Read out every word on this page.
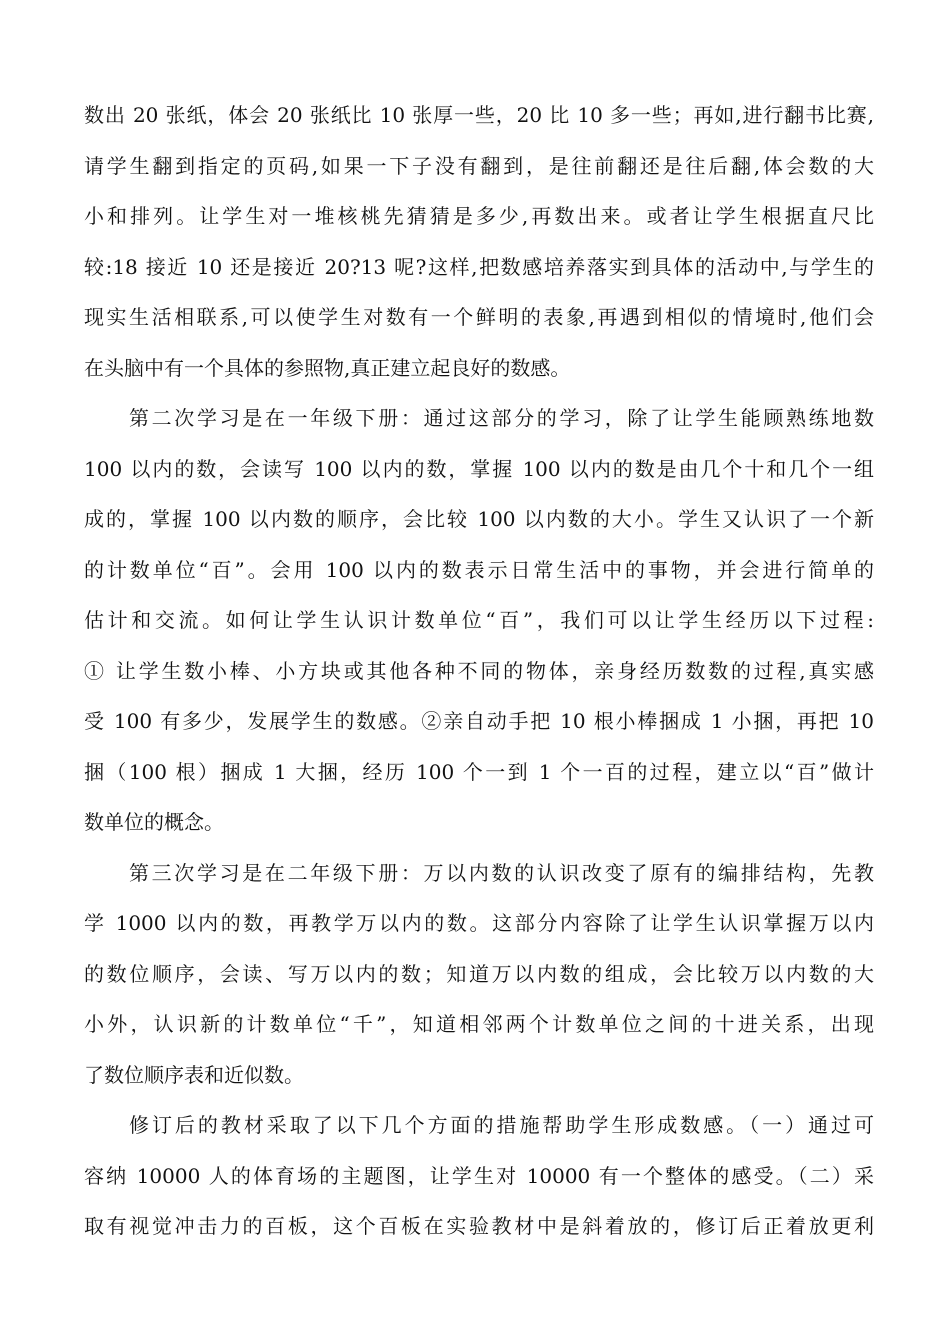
数出 20 张纸，体会 20 张纸比 10 张厚一些，20 比 10 多一些；再如,进行翻书比赛,
请学生翻到指定的页码,如果一下子没有翻到，是往前翻还是往后翻,体会数的大
小和排列。让学生对一堆核桃先猜猜是多少,再数出来。或者让学生根据直尺比
较:18 接近 10 还是接近 20?13 呢?这样,把数感培养落实到具体的活动中,与学生的
现实生活相联系,可以使学生对数有一个鲜明的表象,再遇到相似的情境时,他们会
在头脑中有一个具体的参照物,真正建立起良好的数感。
第二次学习是在一年级下册：通过这部分的学习，除了让学生能顾熟练地数
100 以内的数，会读写 100 以内的数，掌握 100 以内的数是由几个十和几个一组
成的，掌握 100 以内数的顺序，会比较 100 以内数的大小。学生又认识了一个新
的计数单位“百”。会用 100 以内的数表示日常生活中的事物，并会进行简单的
估计和交流。如何让学生认识计数单位“百”，我们可以让学生经历以下过程:
① 让学生数小棒、小方块或其他各种不同的物体，亲身经历数数的过程,真实感
受 100 有多少，发展学生的数感。②亲自动手把 10 根小棒捆成 1 小捆，再把 10
捆（100 根）捆成 1 大捆，经历 100 个一到 1 个一百的过程，建立以“百”做计
数单位的概念。
第三次学习是在二年级下册：万以内数的认识改变了原有的编排结构，先教
学 1000 以内的数，再教学万以内的数。这部分内容除了让学生认识掌握万以内
的数位顺序，会读、写万以内的数；知道万以内数的组成，会比较万以内数的大
小外，认识新的计数单位“千”，知道相邻两个计数单位之间的十进关系，出现
了数位顺序表和近似数。
修订后的教材采取了以下几个方面的措施帮助学生形成数感。（一）通过可
容纳 10000 人的体育场的主题图，让学生对 10000 有一个整体的感受。（二）采
取有视觉冲击力的百板，这个百板在实验教材中是斜着放的，修订后正着放更利
